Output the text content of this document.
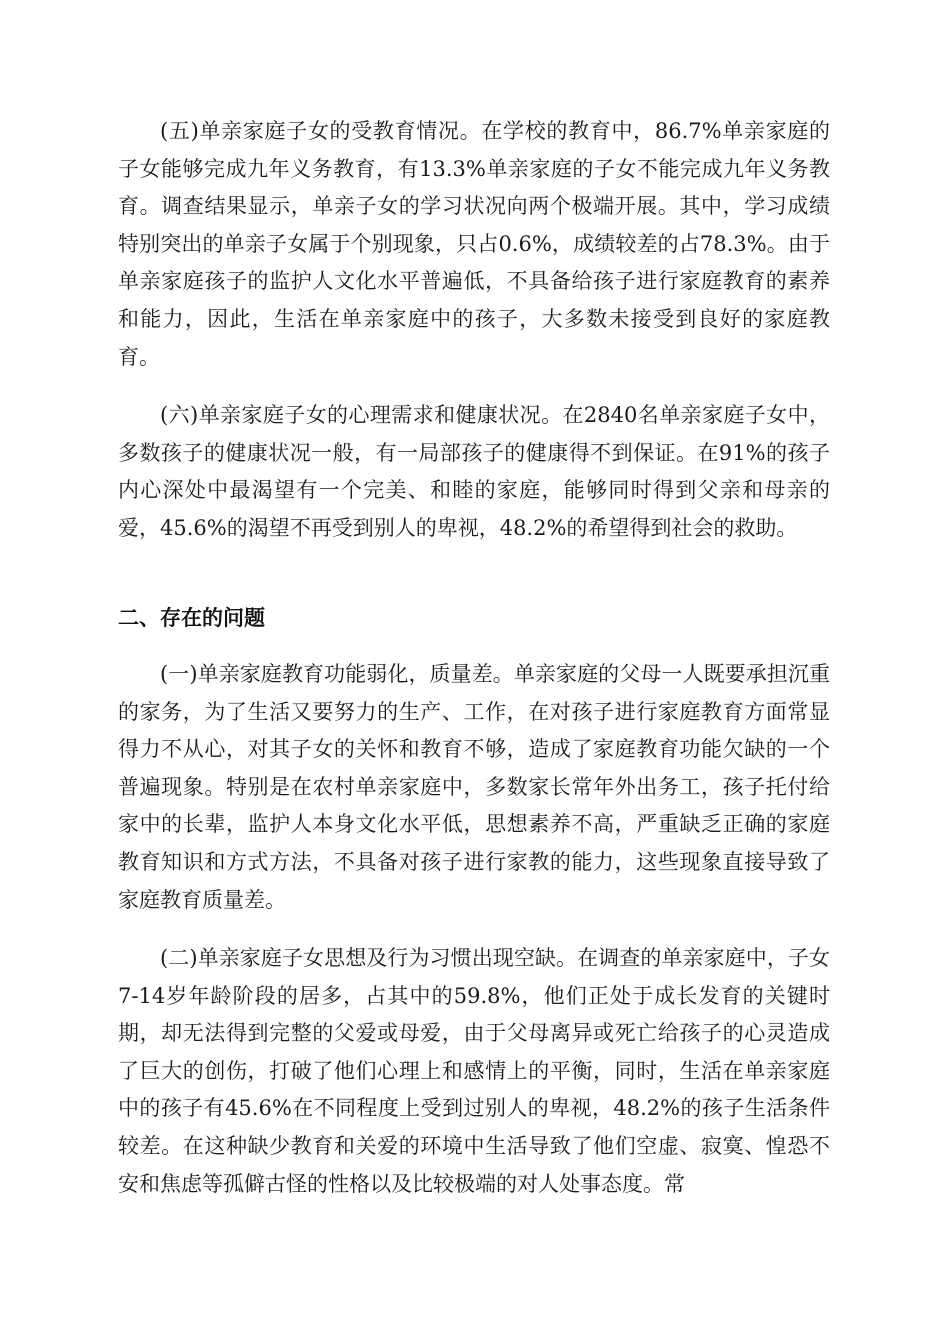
(五)单亲家庭子女的受教育情况。在学校的教育中，86.7%单亲家庭的子女能够完成九年义务教育，有13.3%单亲家庭的子女不能完成九年义务教育。调查结果显示，单亲子女的学习状况向两个极端开展。其中，学习成绩特别突出的单亲子女属于个别现象，只占0.6%，成绩较差的占78.3%。由于单亲家庭孩子的监护人文化水平普遍低，不具备给孩子进行家庭教育的素养和能力，因此，生活在单亲家庭中的孩子，大多数未接受到良好的家庭教育。

(六)单亲家庭子女的心理需求和健康状况。在2840名单亲家庭子女中，多数孩子的健康状况一般，有一局部孩子的健康得不到保证。在91%的孩子内心深处中最渴望有一个完美、和睦的家庭，能够同时得到父亲和母亲的爱，45.6%的渴望不再受到别人的卑视，48.2%的希望得到社会的救助。

二、存在的问题

(一)单亲家庭教育功能弱化，质量差。单亲家庭的父母一人既要承担沉重的家务，为了生活又要努力的生产、工作，在对孩子进行家庭教育方面常显得力不从心，对其子女的关怀和教育不够，造成了家庭教育功能欠缺的一个普遍现象。特别是在农村单亲家庭中，多数家长常年外出务工，孩子托付给家中的长辈，监护人本身文化水平低，思想素养不高，严重缺乏正确的家庭教育知识和方式方法，不具备对孩子进行家教的能力，这些现象直接导致了家庭教育质量差。

(二)单亲家庭子女思想及行为习惯出现空缺。在调查的单亲家庭中，子女7-14岁年龄阶段的居多，占其中的59.8%，他们正处于成长发育的关键时期，却无法得到完整的父爱或母爱，由于父母离异或死亡给孩子的心灵造成了巨大的创伤，打破了他们心理上和感情上的平衡，同时，生活在单亲家庭中的孩子有45.6%在不同程度上受到过别人的卑视，48.2%的孩子生活条件较差。在这种缺少教育和关爱的环境中生活导致了他们空虚、寂寞、惶恐不安和焦虑等孤僻古怪的性格以及比较极端的对人处事态度。常
